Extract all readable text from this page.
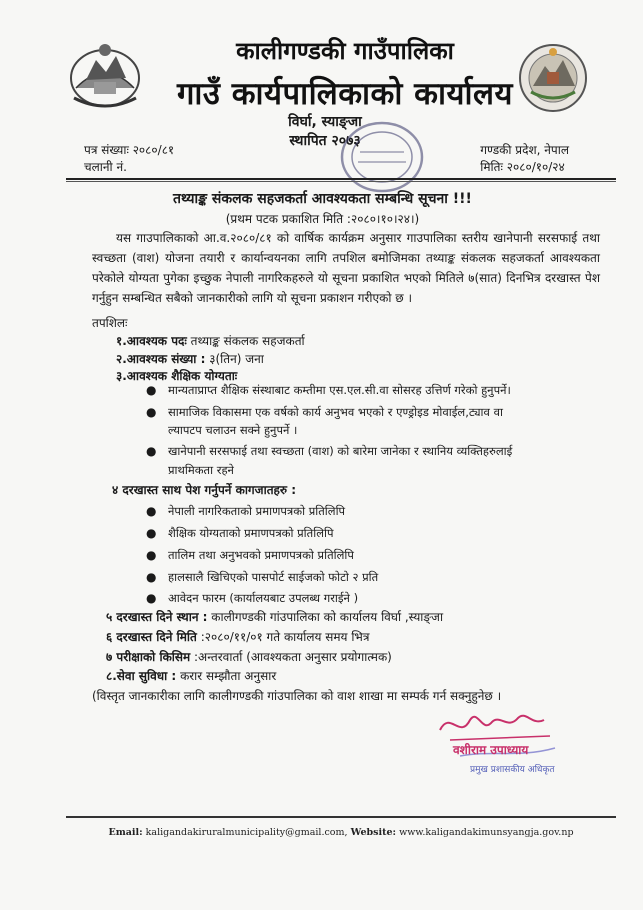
कालीगण्डकी गाउँपालिका
गाउँ कार्यपालिकाको कार्यालय
विर्घा, स्याङ्जा
स्थापित २०७३
पत्र संख्याः २०८०/८१
चलानी नं.
गण्डकी प्रदेश, नेपाल
मितिः २०८०/१०/२४
तथ्याङ्क संकलक सहजकर्ता आवश्यकता सम्बन्धि सूचना !!!
(प्रथम पटक प्रकाशित मिति :२०८०।१०।२४।)
यस गाउपालिकाको आ.व.२०८०/८१ को वार्षिक कार्यक्रम अनुसार गाउपालिका स्तरीय खानेपानी सरसफाई तथा स्वच्छता (वाश) योजना तयारी र कार्यान्वयनका लागि तपशिल बमोजिमका तथ्याङ्क संकलक सहजकर्ता आवश्यकता परेकोले योग्यता पुगेका इच्छुक नेपाली नागरिकहरुले यो सूचना प्रकाशित भएको मितिले ७(सात) दिनभित्र दरखास्त पेश गर्नुहुन सम्बन्धित सबैको जानकारीको लागि यो सूचना प्रकाशन गरीएको छ ।
तपशिलः
१.आवश्यक पदः तथ्याङ्क संकलक सहजकर्ता
२.आवश्यक संख्या : ३(तिन) जना
३.आवश्यक शैक्षिक योग्यताः
● मान्यताप्राप्त शैक्षिक संस्थाबाट कम्तीमा एस.एल.सी.वा सोसरह उत्तिर्ण गरेको हुनुपर्ने।
● सामाजिक विकासमा एक वर्षको कार्य अनुभव भएको र एण्ड्रोइड मोवाईल,ट्याव वा
ल्यापटप चलाउन सक्ने हुनुपर्ने ।
● खानेपानी सरसफाई तथा स्वच्छता (वाश) को बारेमा जानेका र स्थानिय व्यक्तिहरुलाई
प्राथमिकता रहने
४ दरखास्त साथ पेश गर्नुपर्ने कागजातहरु :
● नेपाली नागरिकताको प्रमाणपत्रको प्रतिलिपि
● शैक्षिक योग्यताको प्रमाणपत्रको प्रतिलिपि
● तालिम तथा अनुभवको प्रमाणपत्रको प्रतिलिपि
● हालसालै खिचिएको पासपोर्ट साईजको फोटो २ प्रति
● आवेदन फारम (कार्यालयबाट उपलब्ध गराईने )
५ दरखास्त दिने स्थान : कालीगण्डकी गांउपालिका को कार्यालय विर्घा ,स्याङ्जा
६ दरखास्त दिने मिति :२०८०/११/०१ गते कार्यालय समय भित्र
७ परीक्षाको किसिम :अन्तरवार्ता (आवश्यकता अनुसार प्रयोगात्मक)
८.सेवा सुविधा : करार सम्झौता अनुसार
(विस्तृत जानकारीका लागि कालीगण्डकी गांउपालिका को वाश शाखा मा सम्पर्क गर्न सक्नुहुनेछ ।
वशीराम उपाध्याय
प्रमुख प्रशासकीय अधिकृत
Email: kaligandakiruralmunicipality@gmail.com, Website: www.kaligandakimunsyangja.gov.np
